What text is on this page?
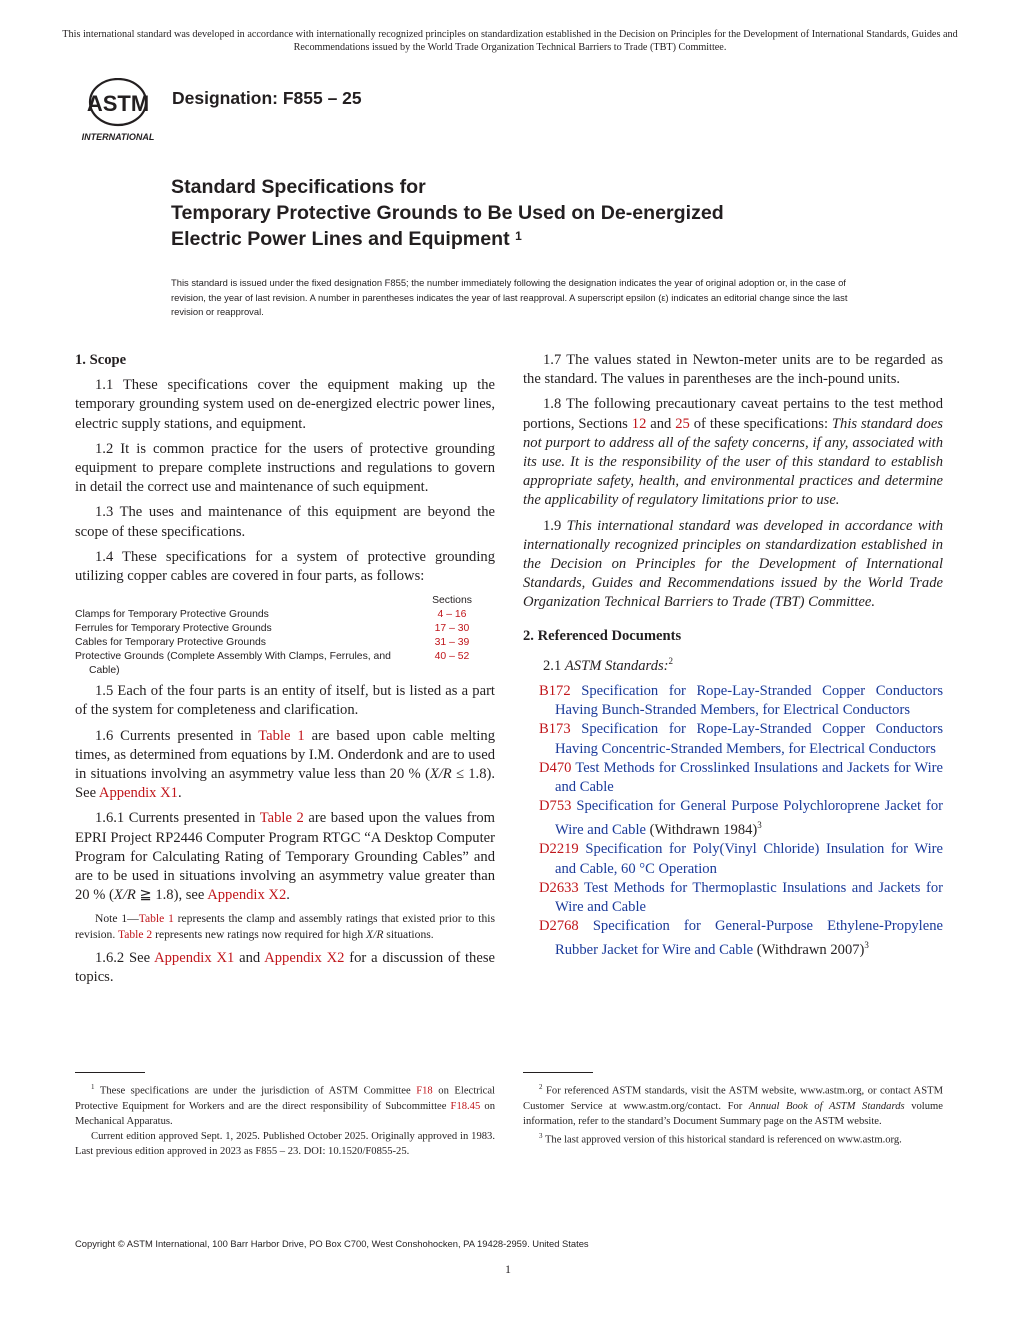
This international standard was developed in accordance with internationally recognized principles on standardization established in the Decision on Principles for the Development of International Standards, Guides and Recommendations issued by the World Trade Organization Technical Barriers to Trade (TBT) Committee.
ASTM
INTERNATIONAL
Designation: F855 – 25
Standard Specifications for
Temporary Protective Grounds to Be Used on De-energized
Electric Power Lines and Equipment $^1$
This standard is issued under the fixed designation F855; the number immediately following the designation indicates the year of original adoption or, in the case of revision, the year of last revision. A number in parentheses indicates the year of last reapproval. A superscript epsilon (ε) indicates an editorial change since the last revision or reapproval.
1. Scope

1.1 These specifications cover the equipment making up the temporary grounding system used on de-energized electric power lines, electric supply stations, and equipment.

1.2 It is common practice for the users of protective grounding equipment to prepare complete instructions and regulations to govern in detail the correct use and maintenance of such equipment.

1.3 The uses and maintenance of this equipment are beyond the scope of these specifications.

1.4 These specifications for a system of protective grounding utilizing copper cables are covered in four parts, as follows:

	Sections
Clamps for Temporary Protective Grounds	4 – 16
Ferrules for Temporary Protective Grounds	17 – 30
Cables for Temporary Protective Grounds	31 – 39
Protective Grounds (Complete Assembly With Clamps, Ferrules, and Cable)	40 – 52

1.5 Each of the four parts is an entity of itself, but is listed as a part of the system for completeness and clarification.

1.6 Currents presented in Table 1 are based upon cable melting times, as determined from equations by I.M. Onderdonk and are to used in situations involving an asymmetry value less than 20 % (X/R ≤ 1.8). See Appendix X1.

1.6.1 Currents presented in Table 2 are based upon the values from EPRI Project RP2446 Computer Program RTGC “A Desktop Computer Program for Calculating Rating of Temporary Grounding Cables” and are to be used in situations involving an asymmetry value greater than 20 % (X/R ≧ 1.8), see Appendix X2.

Note 1—Table 1 represents the clamp and assembly ratings that existed prior to this revision. Table 2 represents new ratings now required for high X/R situations.

1.6.2 See Appendix X1 and Appendix X2 for a discussion of these topics.

1.7 The values stated in Newton-meter units are to be regarded as the standard. The values in parentheses are the inch-pound units.

1.8 The following precautionary caveat pertains to the test method portions, Sections 12 and 25 of these specifications: This standard does not purport to address all of the safety concerns, if any, associated with its use. It is the responsibility of the user of this standard to establish appropriate safety, health, and environmental practices and determine the applicability of regulatory limitations prior to use.

1.9 This international standard was developed in accordance with internationally recognized principles on standardization established in the Decision on Principles for the Development of International Standards, Guides and Recommendations issued by the World Trade Organization Technical Barriers to Trade (TBT) Committee.

2. Referenced Documents

2.1 ASTM Standards:$^2$

B172 Specification for Rope-Lay-Stranded Copper Conductors Having Bunch-Stranded Members, for Electrical Conductors
B173 Specification for Rope-Lay-Stranded Copper Conductors Having Concentric-Stranded Members, for Electrical Conductors
D470 Test Methods for Crosslinked Insulations and Jackets for Wire and Cable
D753 Specification for General Purpose Polychloroprene Jacket for Wire and Cable (Withdrawn 1984)$^3$
D2219 Specification for Poly(Vinyl Chloride) Insulation for Wire and Cable, 60 °C Operation
D2633 Test Methods for Thermoplastic Insulations and Jackets for Wire and Cable
D2768 Specification for General-Purpose Ethylene-Propylene Rubber Jacket for Wire and Cable (Withdrawn 2007)$^3$

$^1$ These specifications are under the jurisdiction of ASTM Committee F18 on Electrical Protective Equipment for Workers and are the direct responsibility of Subcommittee F18.45 on Mechanical Apparatus.

Current edition approved Sept. 1, 2025. Published October 2025. Originally approved in 1983. Last previous edition approved in 2023 as F855 – 23. DOI: 10.1520/F0855-25.

$^2$ For referenced ASTM standards, visit the ASTM website, www.astm.org, or contact ASTM Customer Service at www.astm.org/contact. For Annual Book of ASTM Standards volume information, refer to the standard’s Document Summary page on the ASTM website.

$^3$ The last approved version of this historical standard is referenced on www.astm.org.

Copyright © ASTM International, 100 Barr Harbor Drive, PO Box C700, West Conshohocken, PA 19428-2959. United States
1
